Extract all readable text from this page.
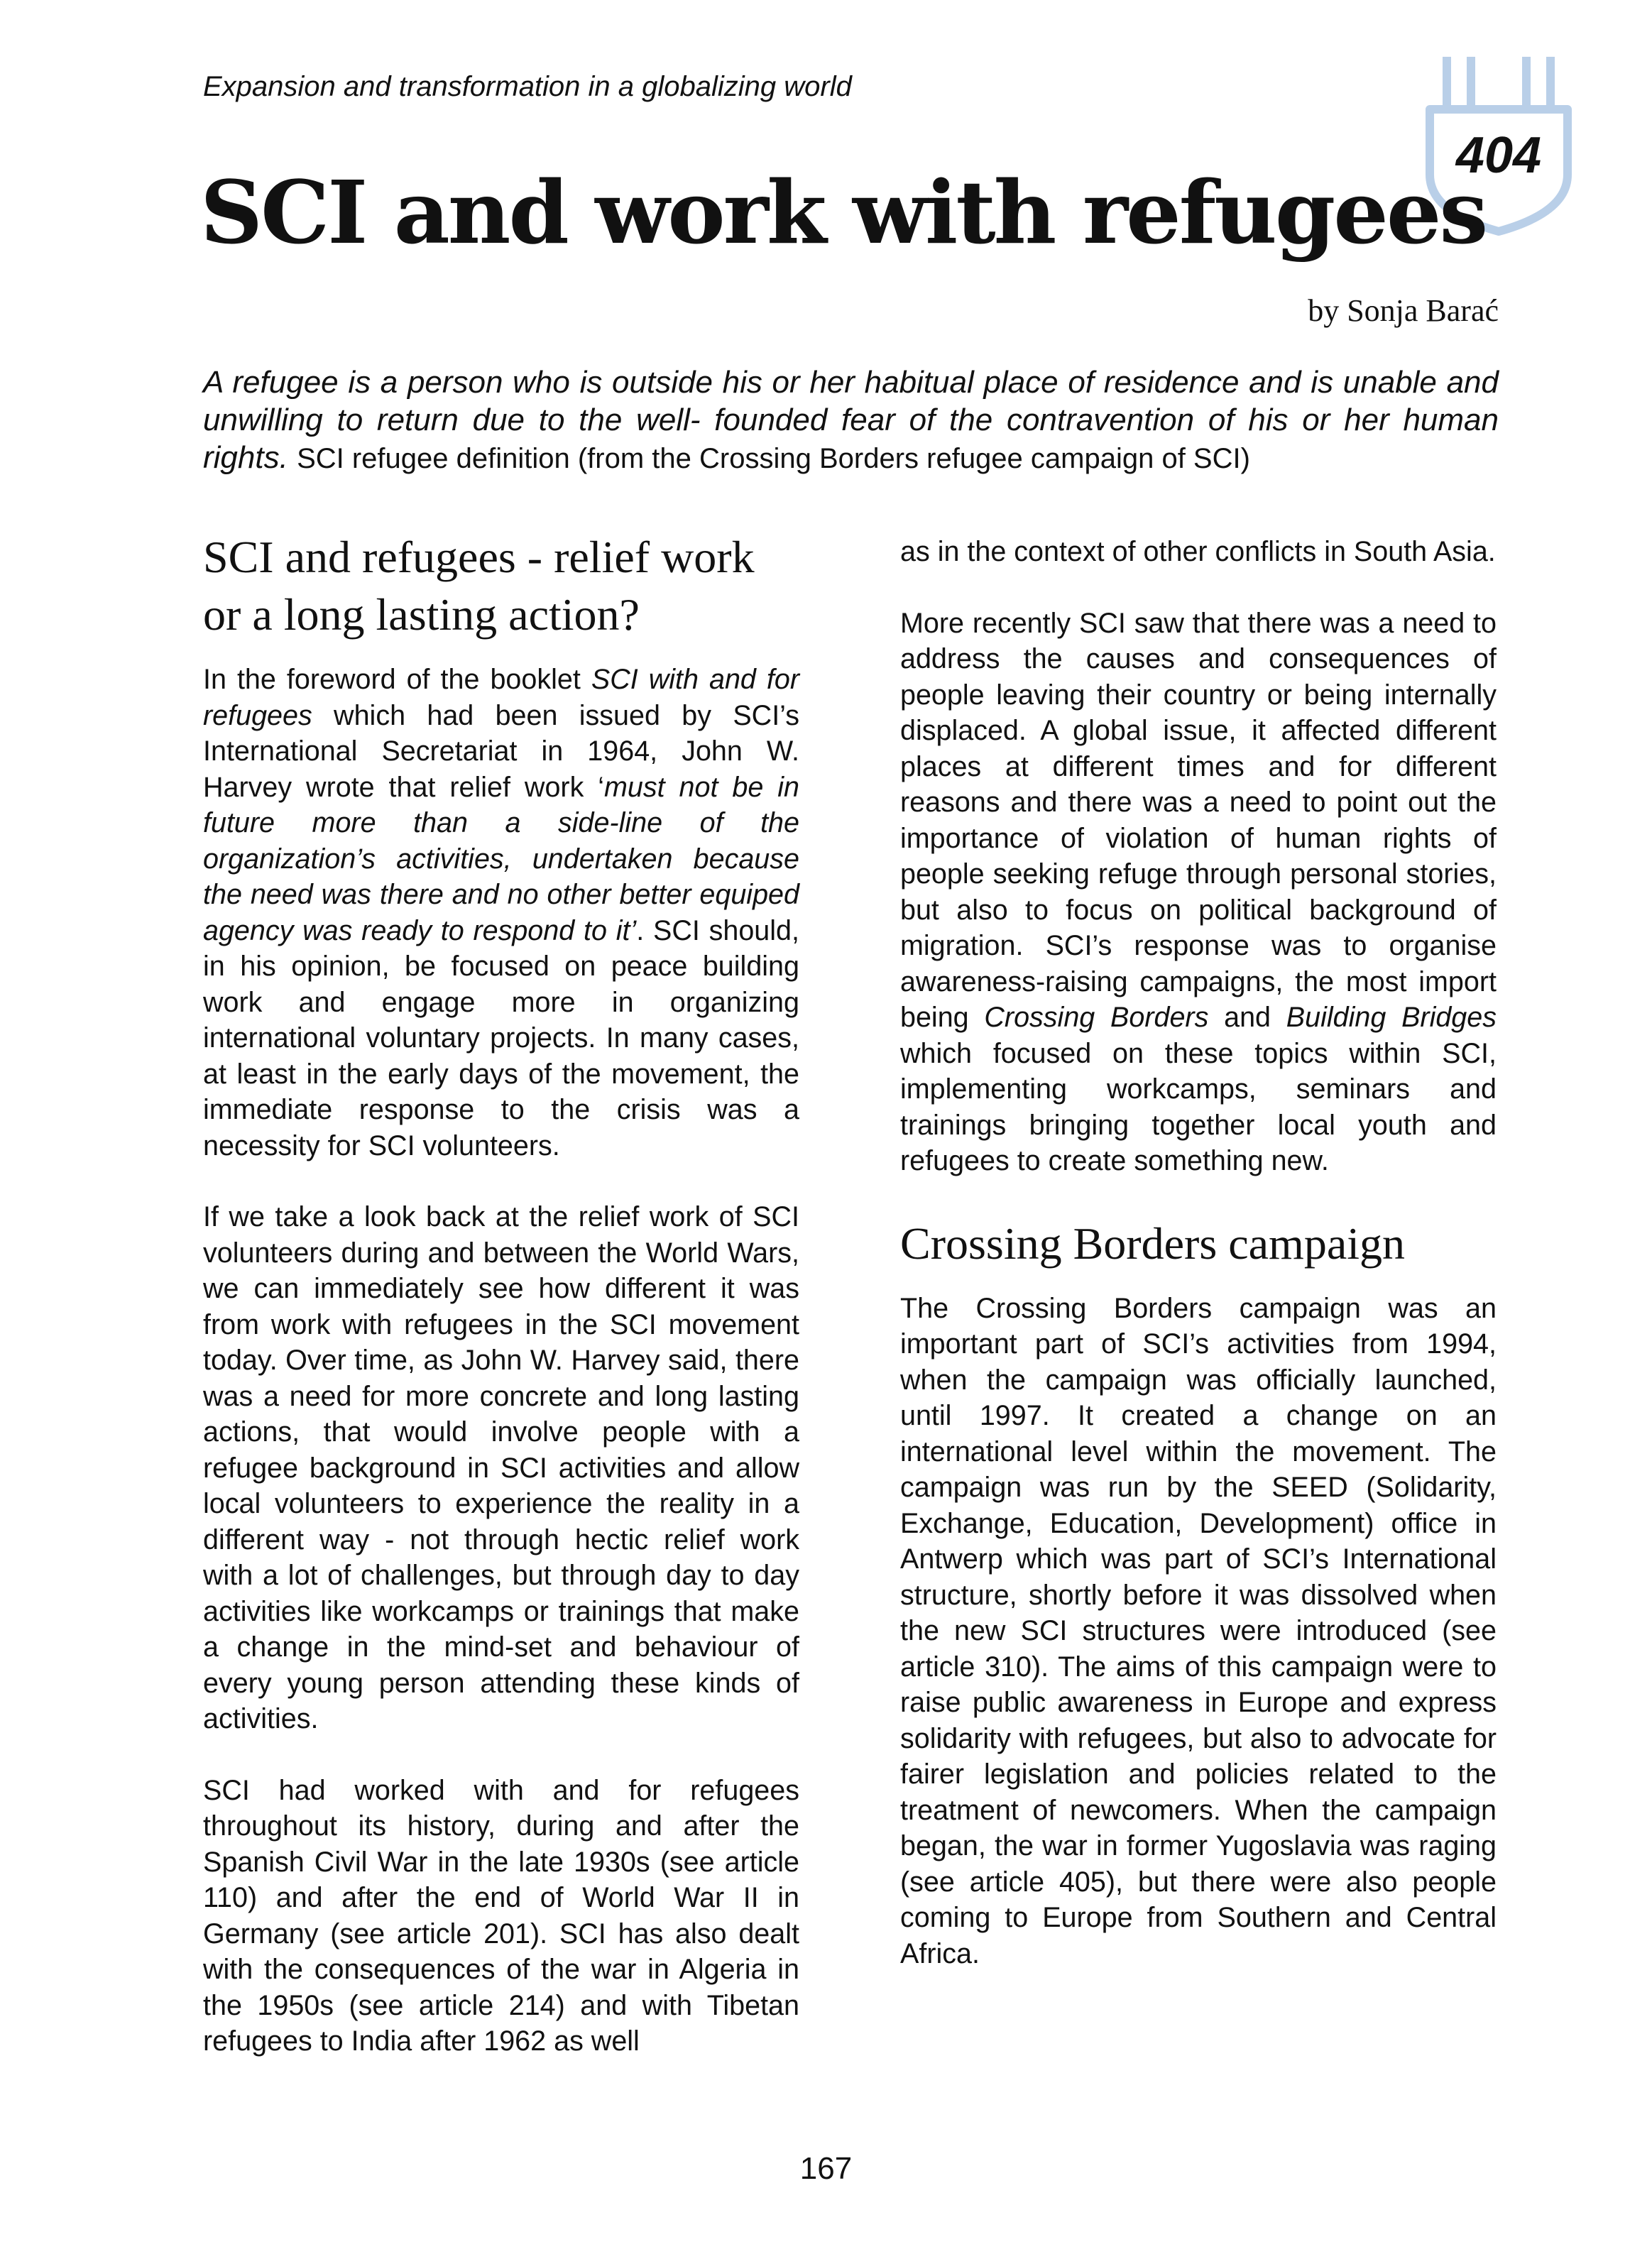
Expansion and transformation in a globalizing world
404
SCI and work with refugees
by Sonja Barać
A refugee is a person who is outside his or her habitual place of residence and is unable and unwilling to return due to the well- founded fear of the contravention of his or her human rights. SCI refugee definition (from the Crossing Borders refugee campaign of SCI)
SCI and refugees - relief work or a long lasting action?

In the foreword of the booklet SCI with and for refugees which had been issued by SCI’s International Secretariat in 1964, John W. Harvey wrote that relief work ‘must not be in future more than a side-line of the organization’s activities, undertaken because the need was there and no other better equiped agency was ready to respond to it’. SCI should, in his opinion, be focused on peace building work and engage more in organizing international voluntary projects. In many cases, at least in the early days of the movement, the immediate response to the crisis was a necessity for SCI volunteers.

If we take a look back at the relief work of SCI volunteers during and between the World Wars, we can immediately see how different it was from work with refugees in the SCI movement today. Over time, as John W. Harvey said, there was a need for more concrete and long lasting actions, that would involve people with a refugee background in SCI activities and allow local volunteers to experience the reality in a different way - not through hectic relief work with a lot of challenges, but through day to day activities like workcamps or trainings that make a change in the mind-set and behaviour of every young person attending these kinds of activities.

SCI had worked with and for refugees throughout its history, during and after the Spanish Civil War in the late 1930s (see article 110) and after the end of World War II in Germany (see article 201). SCI has also dealt with the consequences of the war in Algeria in the 1950s (see article 214) and with Tibetan refugees to India after 1962 as well

as in the context of other conflicts in South Asia.

More recently SCI saw that there was a need to address the causes and consequences of people leaving their country or being internally displaced. A global issue, it affected different places at different times and for different reasons and there was a need to point out the importance of violation of human rights of people seeking refuge through personal stories, but also to focus on political background of migration. SCI’s response was to organise awareness-raising campaigns, the most import being Crossing Borders and Building Bridges which focused on these topics within SCI, implementing workcamps, seminars and trainings bringing together local youth and refugees to create something new.

Crossing Borders campaign

The Crossing Borders campaign was an important part of SCI’s activities from 1994, when the campaign was officially launched, until 1997. It created a change on an international level within the movement. The campaign was run by the SEED (Solidarity, Exchange, Education, Development) office in Antwerp which was part of SCI’s International structure, shortly before it was dissolved when the new SCI structures were introduced (see article 310). The aims of this campaign were to raise public awareness in Europe and express solidarity with refugees, but also to advocate for fairer legislation and policies related to the treatment of newcomers. When the campaign began, the war in former Yugoslavia was raging (see article 405), but there were also people coming to Europe from Southern and Central Africa.

167
